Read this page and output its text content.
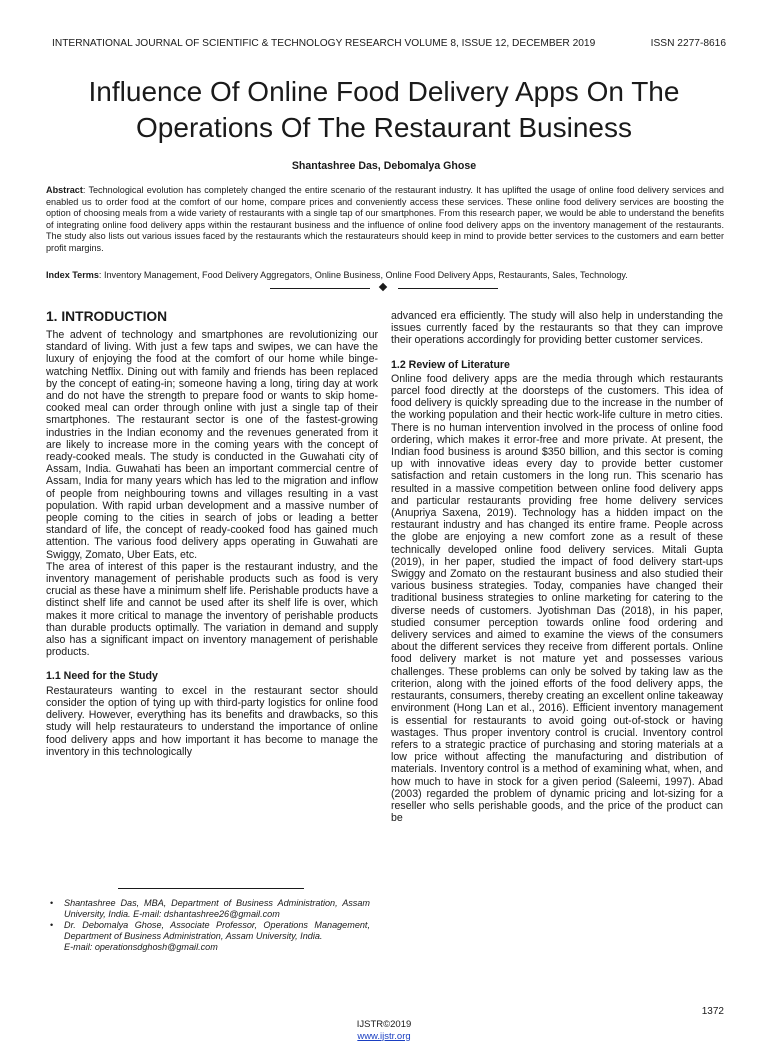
INTERNATIONAL JOURNAL OF SCIENTIFIC & TECHNOLOGY RESEARCH VOLUME 8, ISSUE 12, DECEMBER 2019	ISSN 2277-8616
Influence Of Online Food Delivery Apps On The Operations Of The Restaurant Business
Shantashree Das, Debomalya Ghose

Abstract: Technological evolution has completely changed the entire scenario of the restaurant industry. It has uplifted the usage of online food delivery services and enabled us to order food at the comfort of our home, compare prices and conveniently access these services. These online food delivery services are boosting the option of choosing meals from a wide variety of restaurants with a single tap of our smartphones. From this research paper, we would be able to understand the benefits of integrating online food delivery apps within the restaurant business and the influence of online food delivery apps on the inventory management of the restaurants. The study also lists out various issues faced by the restaurants which the restaurateurs should keep in mind to provide better services to the customers and earn better profit margins.

Index Terms: Inventory Management, Food Delivery Aggregators, Online Business, Online Food Delivery Apps, Restaurants, Sales, Technology.

1. INTRODUCTION

The advent of technology and smartphones are revolutionizing our standard of living. With just a few taps and swipes, we can have the luxury of enjoying the food at the comfort of our home while binge-watching Netflix. Dining out with family and friends has been replaced by the concept of eating-in; someone having a long, tiring day at work and do not have the strength to prepare food or wants to skip home-cooked meal can order through online with just a single tap of their smartphones. The restaurant sector is one of the fastest-growing industries in the Indian economy and the revenues generated from it are likely to increase more in the coming years with the concept of ready-cooked meals. The study is conducted in the Guwahati city of Assam, India. Guwahati has been an important commercial centre of Assam, India for many years which has led to the migration and inflow of people from neighbouring towns and villages resulting in a vast population. With rapid urban development and a massive number of people coming to the cities in search of jobs or leading a better standard of life, the concept of ready-cooked food has gained much attention. The various food delivery apps operating in Guwahati are Swiggy, Zomato, Uber Eats, etc.

The area of interest of this paper is the restaurant industry, and the inventory management of perishable products such as food is very crucial as these have a minimum shelf life. Perishable products have a distinct shelf life and cannot be used after its shelf life is over, which makes it more critical to manage the inventory of perishable products than durable products optimally. The variation in demand and supply also has a significant impact on inventory management of perishable products.

1.1 Need for the Study

Restaurateurs wanting to excel in the restaurant sector should consider the option of tying up with third-party logistics for online food delivery. However, everything has its benefits and drawbacks, so this study will help restaurateurs to understand the importance of online food delivery apps and how important it has become to manage the inventory in this technologically

advanced era efficiently. The study will also help in understanding the issues currently faced by the restaurants so that they can improve their operations accordingly for providing better customer services.

1.2 Review of Literature

Online food delivery apps are the media through which restaurants parcel food directly at the doorsteps of the customers. This idea of food delivery is quickly spreading due to the increase in the number of the working population and their hectic work-life culture in metro cities. There is no human intervention involved in the process of online food ordering, which makes it error-free and more private. At present, the Indian food business is around $350 billion, and this sector is coming up with innovative ideas every day to provide better customer satisfaction and retain customers in the long run. This scenario has resulted in a massive competition between online food delivery apps and particular restaurants providing free home delivery services (Anupriya Saxena, 2019). Technology has a hidden impact on the restaurant industry and has changed its entire frame. People across the globe are enjoying a new comfort zone as a result of these technically developed online food delivery services. Mitali Gupta (2019), in her paper, studied the impact of food delivery start-ups Swiggy and Zomato on the restaurant business and also studied their various business strategies. Today, companies have changed their traditional business strategies to online marketing for catering to the diverse needs of customers. Jyotishman Das (2018), in his paper, studied consumer perception towards online food ordering and delivery services and aimed to examine the views of the consumers about the different services they receive from different portals. Online food delivery market is not mature yet and possesses various challenges. These problems can only be solved by taking law as the criterion, along with the joined efforts of the food delivery apps, the restaurants, consumers, thereby creating an excellent online takeaway environment (Hong Lan et al., 2016). Efficient inventory management is essential for restaurants to avoid going out-of-stock or having wastages. Thus proper inventory control is crucial. Inventory control refers to a strategic practice of purchasing and storing materials at a low price without affecting the manufacturing and distribution of materials. Inventory control is a method of examining what, when, and how much to have in stock for a given period (Saleemi, 1997). Abad (2003) regarded the problem of dynamic pricing and lot-sizing for a reseller who sells perishable goods, and the price of the product can be

• Shantashree Das, MBA, Department of Business Administration, Assam University, India. E-mail: dshantashree26@gmail.com
• Dr. Debomalya Ghose, Associate Professor, Operations Management, Department of Business Administration, Assam University, India.
E-mail: operationsdghosh@gmail.com
1372
IJSTR©2019
www.ijstr.org
